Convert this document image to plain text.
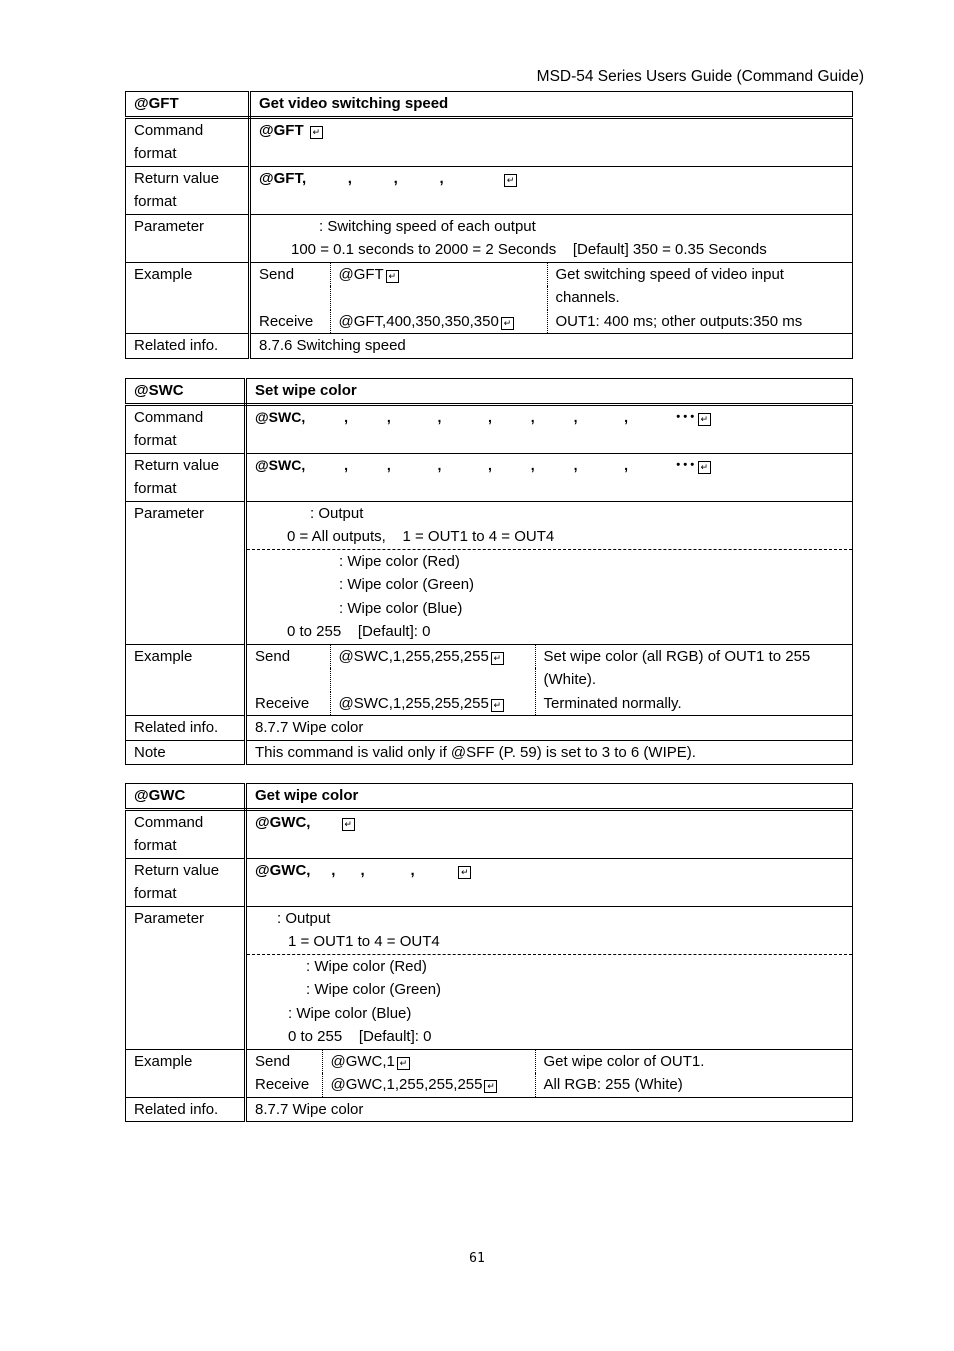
MSD-54 Series Users Guide (Command Guide)
@GFT	Get video switching speed

Command
format
	@GFT ↵

Return value
format
	@GFT,          ,          ,          ,              ↵
Parameter	: Switching speed of each output
100 = 0.1 seconds to 2000 = 2 Seconds    [Default] 350 = 0.35 Seconds

Example		Send	@GFT ↵	Get switching speed of video input
channels.
Receive	@GFT,400,350,350,350 ↵	OUT1: 400 ms; other outputs:350 ms

Related info.	8.7.6 Switching speed
@SWC	Set wipe color

Command
format
	@SWC,          ,          ,            ,            ,          ,          ,            ,            ･･･ ↵

Return value
format
	@SWC,          ,          ,            ,            ,          ,          ,            ,            ･･･ ↵
Parameter	: Output
0 = All outputs,    1 = OUT1 to 4 = OUT4
: Wipe color (Red)
: Wipe color (Green)
: Wipe color (Blue)
0 to 255    [Default]: 0

Example		Send	@SWC,1,255,255,255 ↵	Set wipe color (all RGB) of OUT1 to 255
(White).
Receive	@SWC,1,255,255,255 ↵	Terminated normally.

Related info.	8.7.7 Wipe color
Note	This command is valid only if @SFF (P. 59) is set to 3 to 6 (WIPE).
@GWC	Get wipe color

Command
format
	@GWC,       ↵

Return value
format
	@GWC,     ,      ,           ,          ↵
Parameter	: Output
1 = OUT1 to 4 = OUT4
: Wipe color (Red)
: Wipe color (Green)
: Wipe color (Blue)
0 to 255    [Default]: 0

Example		Send	@GWC,1 ↵	Get wipe color of OUT1.
Receive	@GWC,1,255,255,255 ↵	All RGB: 255 (White)

Related info.	8.7.7 Wipe color
61
